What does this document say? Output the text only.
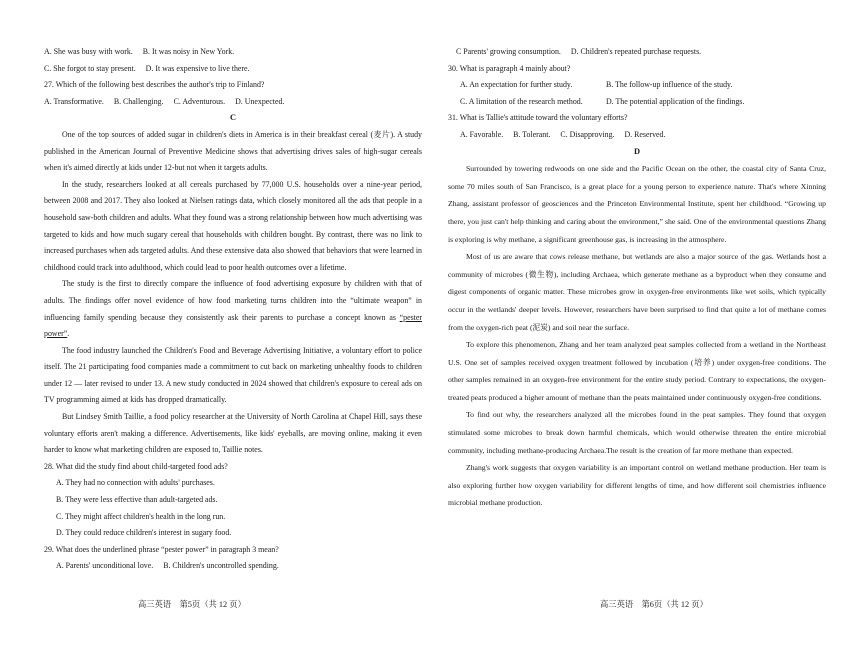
A. She was busy with work. B. It was noisy in New York.
C. She forgot to stay present. D. It was expensive to live there.
27. Which of the following best describes the author's trip to Finland?
A. Transformative. B. Challenging. C. Adventurous. D. Unexpected.
C

One of the top sources of added sugar in children's diets in America is in their breakfast cereal (麦片). A study published in the American Journal of Preventive Medicine shows that advertising drives sales of high-sugar cereals when it's aimed directly at kids under 12-but not when it targets adults.

In the study, researchers looked at all cereals purchased by 77,000 U.S. households over a nine-year period, between 2008 and 2017. They also looked at Nielsen ratings data, which closely monitored all the ads that people in a household saw-both children and adults. What they found was a strong relationship between how much advertising was targeted to kids and how much sugary cereal that households with children bought. By contrast, there was no link to increased purchases when ads targeted adults. And these extensive data also showed that behaviors that were learned in childhood could track into adulthood, which could lead to poor health outcomes over a lifetime.

The study is the first to directly compare the influence of food advertising exposure by children with that of adults. The findings offer novel evidence of how food marketing turns children into the “ultimate weapon” in influencing family spending because they consistently ask their parents to purchase a concept known as “pester power”.

The food industry launched the Children's Food and Beverage Advertising Initiative, a voluntary effort to police itself. The 21 participating food companies made a commitment to cut back on marketing unhealthy foods to children under 12 — later revised to under 13. A new study conducted in 2024 showed that children's exposure to cereal ads on TV programming aimed at kids has dropped dramatically.

But Lindsey Smith Taillie, a food policy researcher at the University of North Carolina at Chapel Hill, says these voluntary efforts aren't making a difference. Advertisements, like kids' eyeballs, are moving online, making it even harder to know what marketing children are exposed to, Taillie notes.

28. What did the study find about child-targeted food ads?
A. They had no connection with adults' purchases.
B. They were less effective than adult-targeted ads.
C. They might affect children's health in the long run.
D. They could reduce children's interest in sugary food.
29. What does the underlined phrase “pester power” in paragraph 3 mean?
A. Parents' unconditional love. B. Children's uncontrolled spending.
C Parents' growing consumption. D. Children's repeated purchase requests.
30. What is paragraph 4 mainly about?
A. An expectation for further study.	B. The follow-up influence of the study.
C. A limitation of the research method.	D. The potential application of the findings.
31. What is Tallie's attitude toward the voluntary efforts?
A. Favorable. B. Tolerant. C. Disapproving. D. Reserved.
D

Surrounded by towering redwoods on one side and the Pacific Ocean on the other, the coastal city of Santa Cruz, some 70 miles south of San Francisco, is a great place for a young person to experience nature. That's where Xinning Zhang, assistant professor of geosciences and the Princeton Environmental Institute, spent her childhood. “Growing up there, you just can't help thinking and caring about the environment,” she said. One of the environmental questions Zhang is exploring is why methane, a significant greenhouse gas, is increasing in the atmosphere.

Most of us are aware that cows release methane, but wetlands are also a major source of the gas. Wetlands host a community of microbes (微生物), including Archaea, which generate methane as a byproduct when they consume and digest components of organic matter. These microbes grow in oxygen-free environments like wet soils, which typically occur in the wetlands' deeper levels. However, researchers have been surprised to find that quite a lot of methane comes from the oxygen-rich peat (泥炭) and soil near the surface.

To explore this phenomenon, Zhang and her team analyzed peat samples collected from a wetland in the Northeast U.S. One set of samples received oxygen treatment followed by incubation (培养) under oxygen-free conditions. The other samples remained in an oxygen-free environment for the entire study period. Contrary to expectations, the oxygen-treated peats produced a higher amount of methane than the peats maintained under continuously oxygen-free conditions.

To find out why, the researchers analyzed all the microbes found in the peat samples. They found that oxygen stimulated some microbes to break down harmful chemicals, which would otherwise threaten the entire microbial community, including methane-producing Archaea.The result is the creation of far more methane than expected.

Zhang's work suggests that oxygen variability is an important control on wetland methane production. Her team is also exploring further how oxygen variability for different lengths of time, and how different soil chemistries influence microbial methane production.

高三英语　第5页（共 12 页）	高三英语　第6页（共 12 页）
